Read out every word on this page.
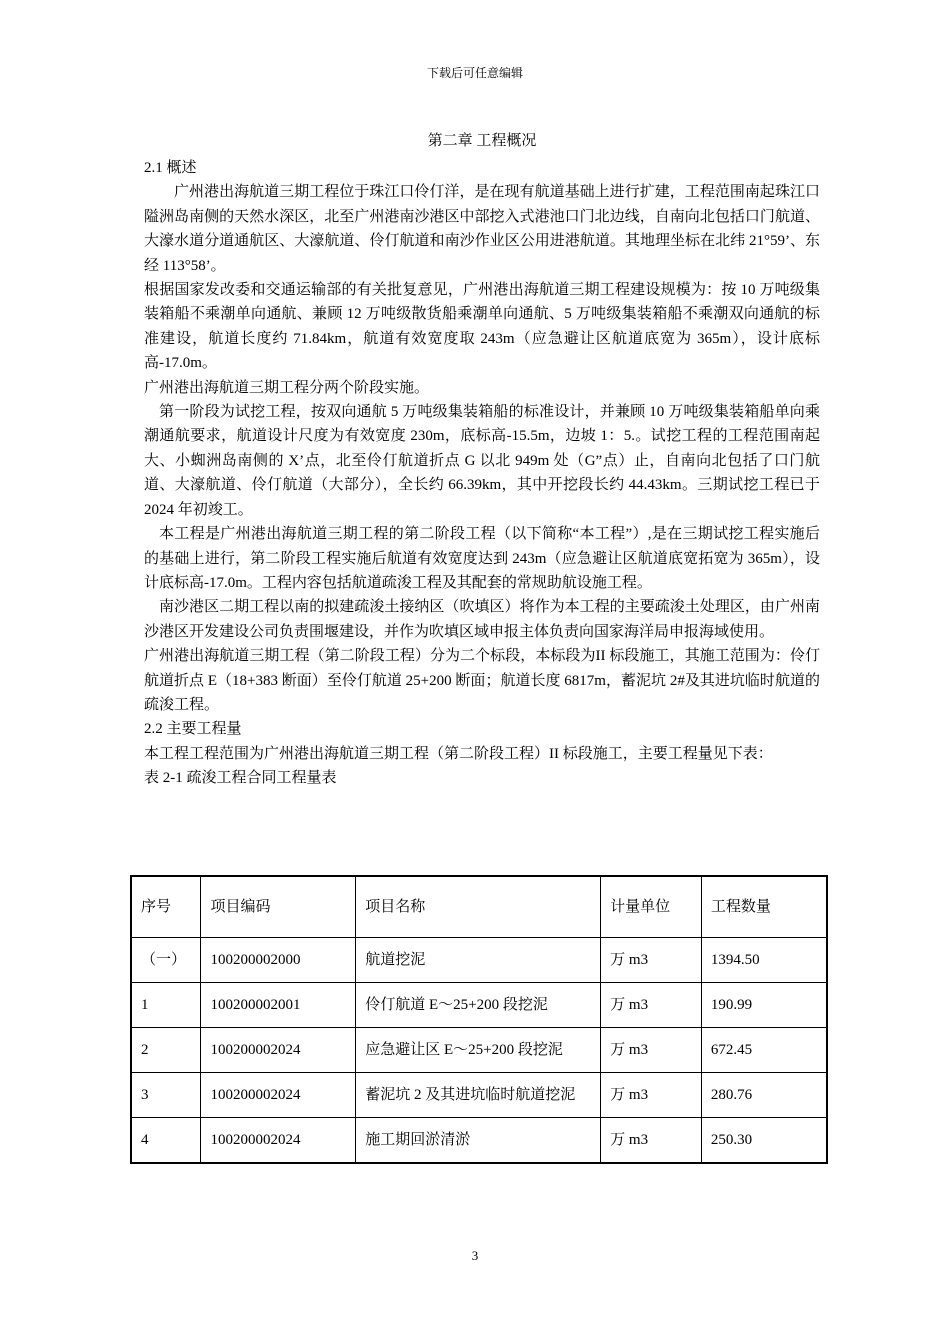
下载后可任意编辑
第二章 工程概况

2.1 概述

广州港出海航道三期工程位于珠江口伶仃洋，是在现有航道基础上进行扩建，工程范围南起珠江口隘洲岛南侧的天然水深区，北至广州港南沙港区中部挖入式港池口门北边线，自南向北包括口门航道、大濠水道分道通航区、大濠航道、伶仃航道和南沙作业区公用进港航道。其地理坐标在北纬 21°59’、东经 113°58’。

根据国家发改委和交通运输部的有关批复意见，广州港出海航道三期工程建设规模为：按 10 万吨级集装箱船不乘潮单向通航、兼顾 12 万吨级散货船乘潮单向通航、5 万吨级集装箱船不乘潮双向通航的标准建设，航道长度约 71.84km，航道有效宽度取 243m（应急避让区航道底宽为 365m），设计底标高-17.0m。

广州港出海航道三期工程分两个阶段实施。

第一阶段为试挖工程，按双向通航 5 万吨级集装箱船的标准设计，并兼顾 10 万吨级集装箱船单向乘潮通航要求，航道设计尺度为有效宽度 230m，底标高-15.5m，边坡 1：5.。试挖工程的工程范围南起大、小蜘洲岛南侧的 X’点，北至伶仃航道折点 G 以北 949m 处（G”点）止，自南向北包括了口门航道、大濠航道、伶仃航道（大部分），全长约 66.39km，其中开挖段长约 44.43km。三期试挖工程已于 2024 年初竣工。

本工程是广州港出海航道三期工程的第二阶段工程（以下简称“本工程”）,是在三期试挖工程实施后的基础上进行，第二阶段工程实施后航道有效宽度达到 243m（应急避让区航道底宽拓宽为 365m），设计底标高-17.0m。工程内容包括航道疏浚工程及其配套的常规助航设施工程。

南沙港区二期工程以南的拟建疏浚土接纳区（吹填区）将作为本工程的主要疏浚土处理区，由广州南沙港区开发建设公司负责围堰建设，并作为吹填区域申报主体负责向国家海洋局申报海域使用。

广州港出海航道三期工程（第二阶段工程）分为二个标段，本标段为II 标段施工，其施工范围为：伶仃航道折点 E（18+383 断面）至伶仃航道 25+200 断面；航道长度 6817m，蓄泥坑 2#及其进坑临时航道的疏浚工程。

2.2 主要工程量

本工程工程范围为广州港出海航道三期工程（第二阶段工程）II 标段施工，主要工程量见下表：

表 2-1 疏浚工程合同工程量表

序号	项目编码	项目名称	计量单位	工程数量
（一）	100200002000	航道挖泥	万 m3	1394.50
1	100200002001	伶仃航道 E～25+200 段挖泥	万 m3	190.99
2	100200002024	应急避让区 E～25+200 段挖泥	万 m3	672.45
3	100200002024	蓄泥坑 2 及其进坑临时航道挖泥	万 m3	280.76
4	100200002024	施工期回淤清淤	万 m3	250.30
3
